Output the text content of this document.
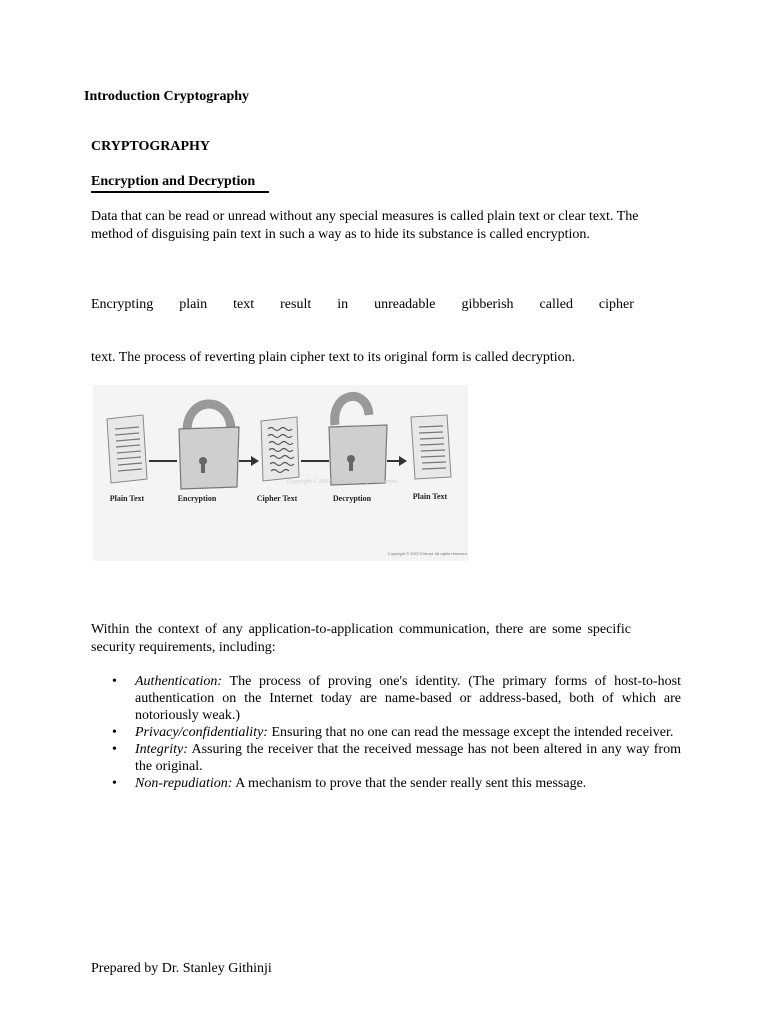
Introduction Cryptography
CRYPTOGRAPHY
Encryption and Decryption
Data that can be read or unread without any special measures is called plain text or clear text. The method of disguising pain text in such a way as to hide its substance is called encryption.
Encrypting plain text result in unreadable gibberish called cipher
text. The process of reverting plain cipher text to its original form is called decryption.
Plain Text	Encryption	Cipher Text	Decryption	Plain Text
Copyright © 2007 Entrust. All rights reserved.
Copyright © 2007 Entrust. All rights reserved.
Within the context of any application-to-application communication, there are some specific security requirements, including:
• Authentication: The process of proving one's identity. (The primary forms of host-to-host authentication on the Internet today are name-based or address-based, both of which are notoriously weak.)
• Privacy/confidentiality: Ensuring that no one can read the message except the intended receiver.
• Integrity: Assuring the receiver that the received message has not been altered in any way from the original.
• Non-repudiation: A mechanism to prove that the sender really sent this message.
Prepared by Dr. Stanley Githinji
